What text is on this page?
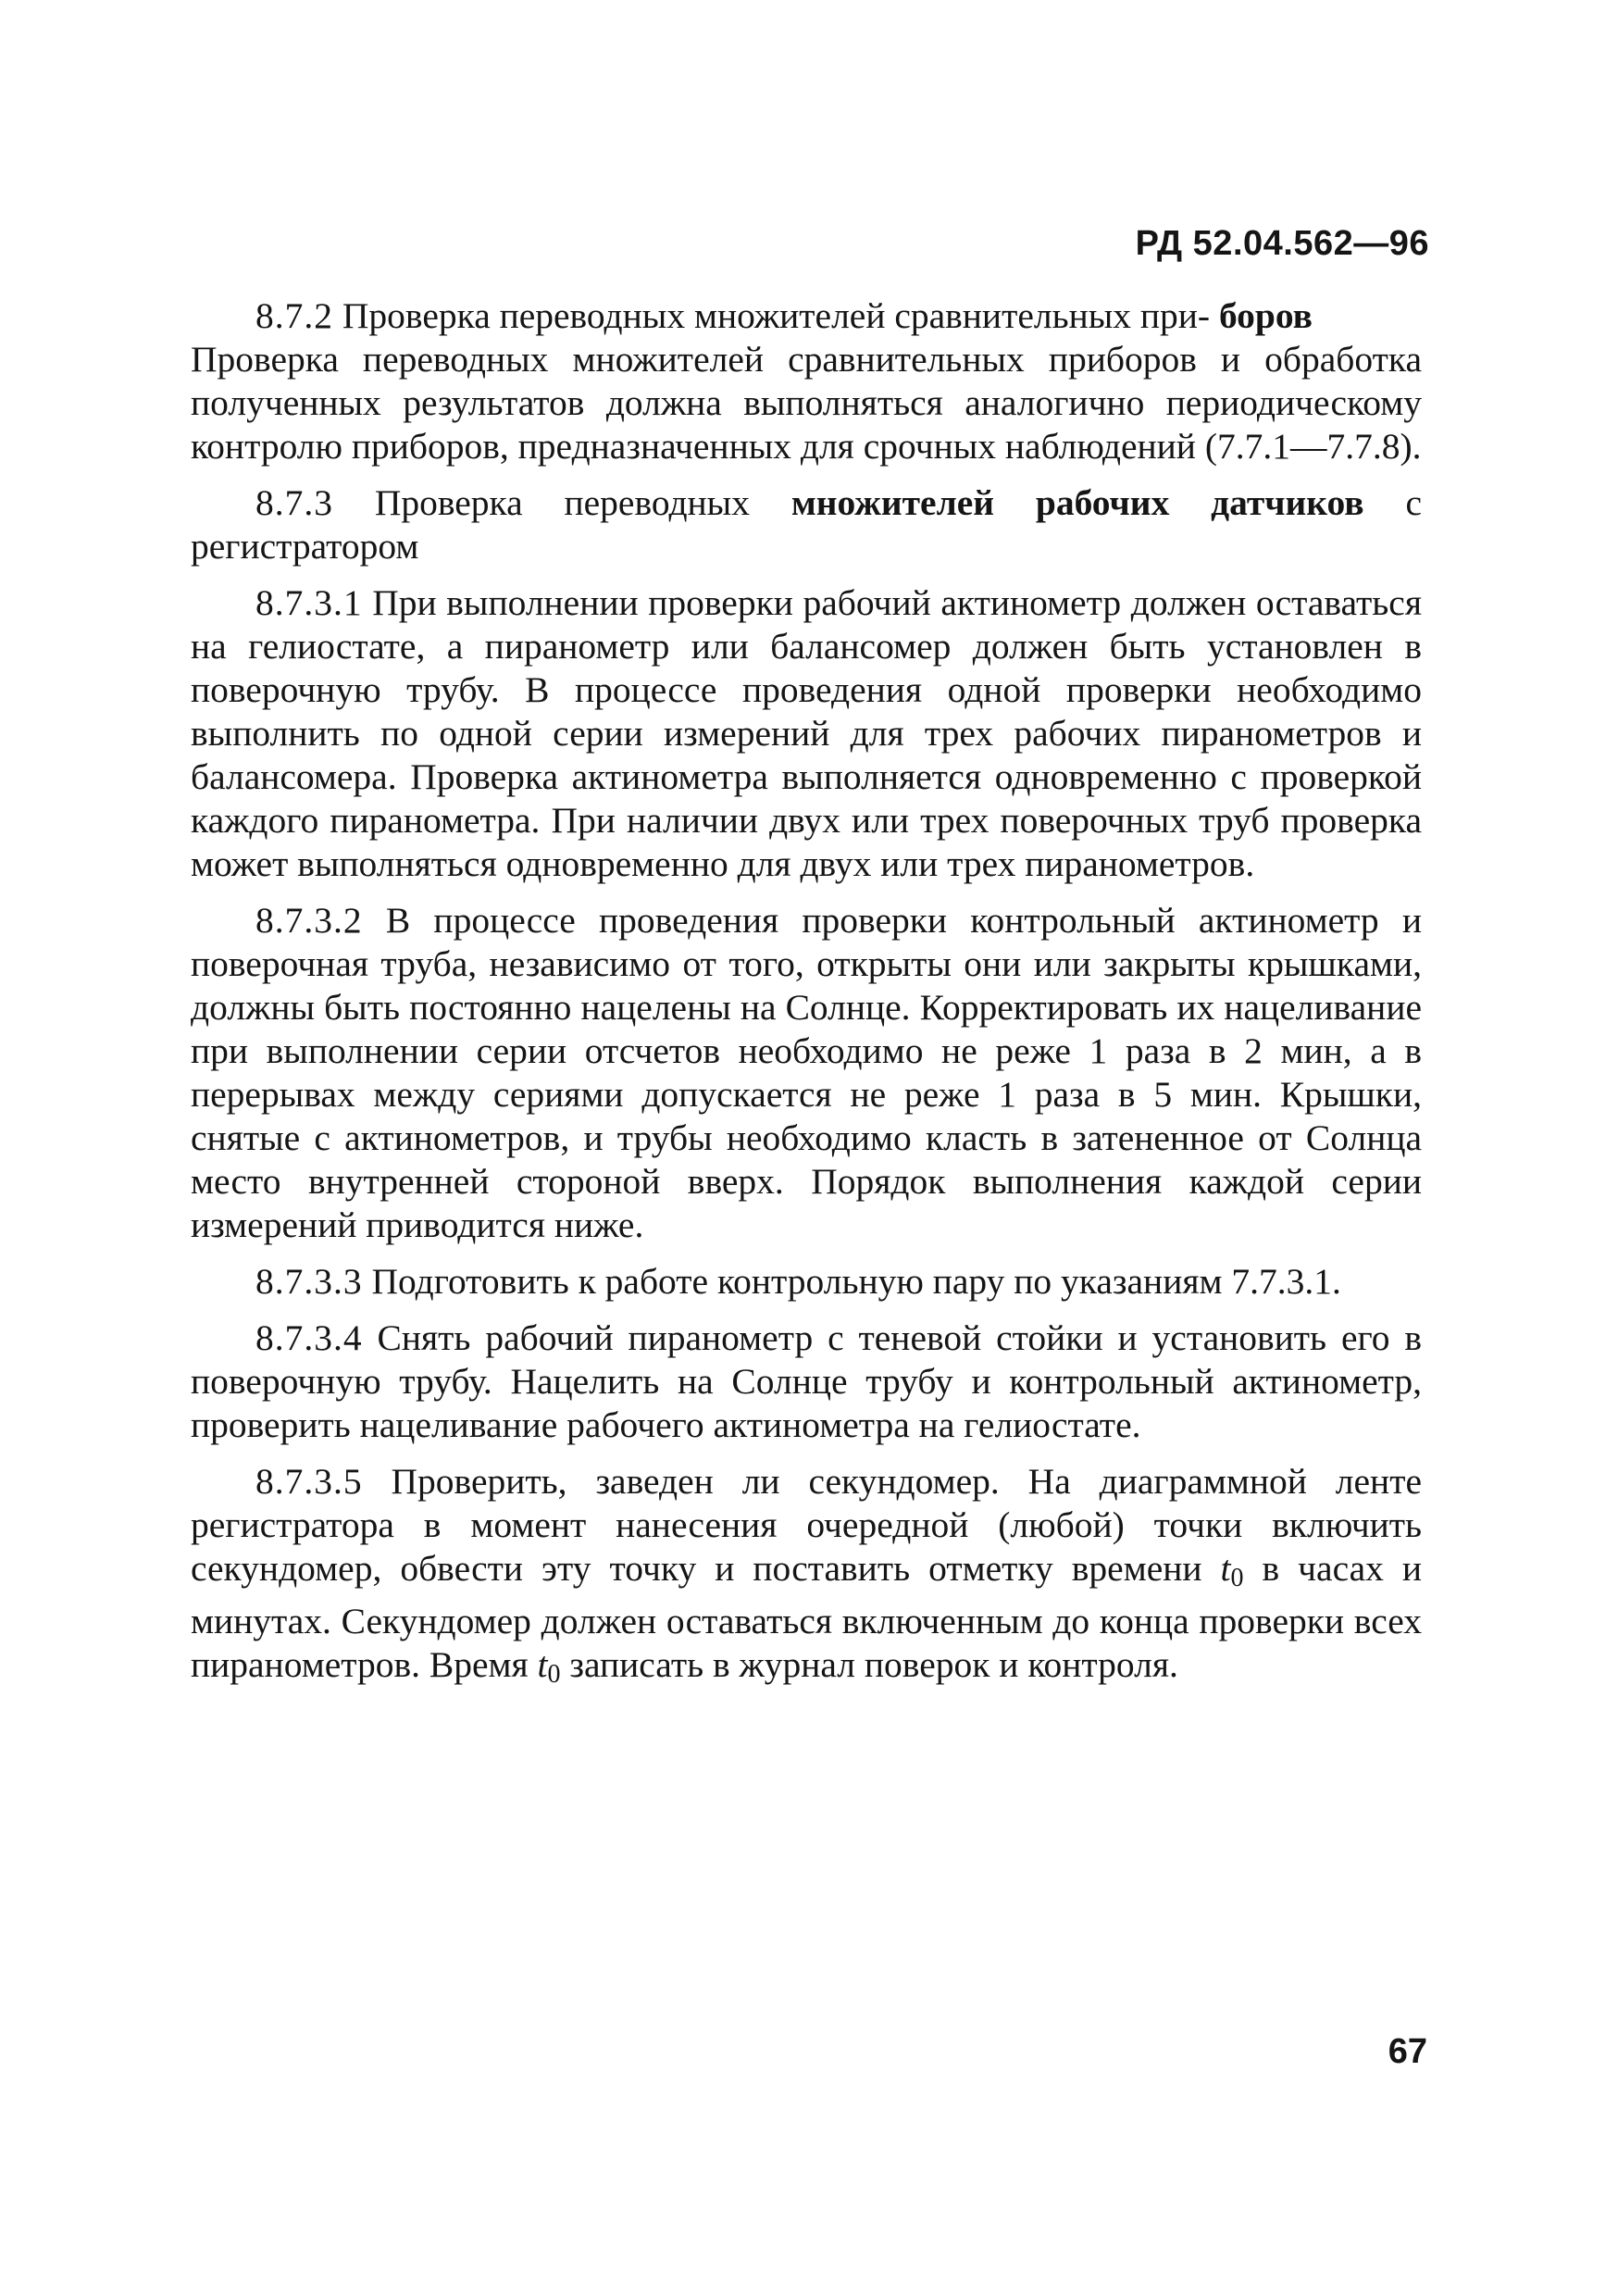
РД 52.04.562—96

8.7.2 Проверка переводных множителей сравнительных при- боров

Проверка переводных множителей сравнительных приборов и обработка полученных результатов должна выполняться аналогично периодическому контролю приборов, предназначенных для срочных наблюдений (7.7.1—7.7.8).

8.7.3 Проверка переводных множителей рабочих датчиков с регистратором

8.7.3.1 При выполнении проверки рабочий актинометр должен оставаться на гелиостате, а пиранометр или балансомер должен быть установлен в поверочную трубу. В процессе проведения одной проверки необходимо выполнить по одной серии измерений для трех рабочих пиранометров и балансомера. Проверка актинометра выполняется одновременно с проверкой каждого пиранометра. При наличии двух или трех поверочных труб проверка может выполняться одновременно для двух или трех пиранометров.

8.7.3.2 В процессе проведения проверки контрольный актинометр и поверочная труба, независимо от того, открыты они или закрыты крышками, должны быть постоянно нацелены на Солнце. Корректировать их нацеливание при выполнении серии отсчетов необходимо не реже 1 раза в 2 мин, а в перерывах между сериями допускается не реже 1 раза в 5 мин. Крышки, снятые с актинометров, и трубы необходимо класть в затененное от Солнца место внутренней стороной вверх. Порядок выполнения каждой серии измерений приводится ниже.

8.7.3.3 Подготовить к работе контрольную пару по указаниям 7.7.3.1.

8.7.3.4 Снять рабочий пиранометр с теневой стойки и установить его в поверочную трубу. Нацелить на Солнце трубу и контрольный актинометр, проверить нацеливание рабочего актинометра на гелиостате.

8.7.3.5 Проверить, заведен ли секундомер. На диаграммной ленте регистратора в момент нанесения очередной (любой) точки включить секундомер, обвести эту точку и поставить отметку времени $t_0$ в часах и минутах. Секундомер должен оставаться включенным до конца проверки всех пиранометров. Время $t_0$ записать в журнал поверок и контроля.

67
